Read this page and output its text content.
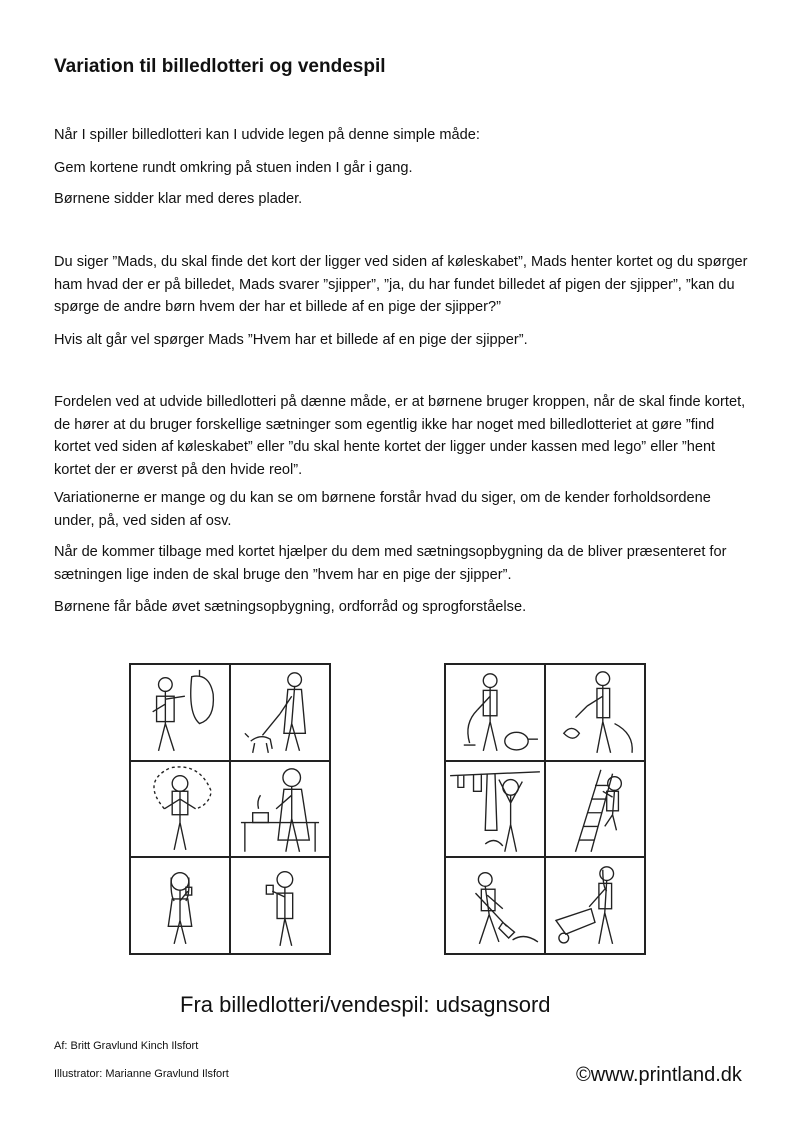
Variation til billedlotteri og vendespil

Når I spiller billedlotteri kan I udvide legen på denne simple måde:

Gem kortene rundt omkring på stuen inden I går i gang.

Børnene sidder klar med deres plader.

Du siger ”Mads, du skal finde det kort der ligger ved siden af køleskabet”, Mads henter kortet og du spørger ham hvad der er på billedet, Mads svarer ”sjipper”, ”ja, du har fundet billedet af pigen der sjipper”, ”kan du spørge de andre børn hvem der har et billede af en pige der sjipper?”

Hvis alt går vel spørger Mads ”Hvem har et billede af en pige der sjipper”.

Fordelen ved at udvide billedlotteri på dænne måde, er at børnene bruger kroppen, når de skal finde kortet, de hører at du bruger forskellige sætninger som egentlig ikke har noget med billedlotteriet at gøre ”find kortet ved siden af køleskabet” eller ”du skal hente kortet der ligger under kassen med lego” eller ”hent kortet der er øverst på den hvide reol”.

Variationerne er mange og du kan se om børnene forstår hvad du siger, om de kender forholdsordene under, på, ved siden af osv.

Når de kommer tilbage med kortet hjælper du dem med sætningsopbygning da de bliver præsenteret for sætningen lige inden de skal bruge den ”hvem har en pige der sjipper”.

Børnene får både øvet sætningsopbygning, ordforråd og sprogforståelse.

Fra billedlotteri/vendespil: udsagnsord

Af: Britt Gravlund Kinch Ilsfort

Illustrator: Marianne Gravlund Ilsfort	©www.printland.dk
